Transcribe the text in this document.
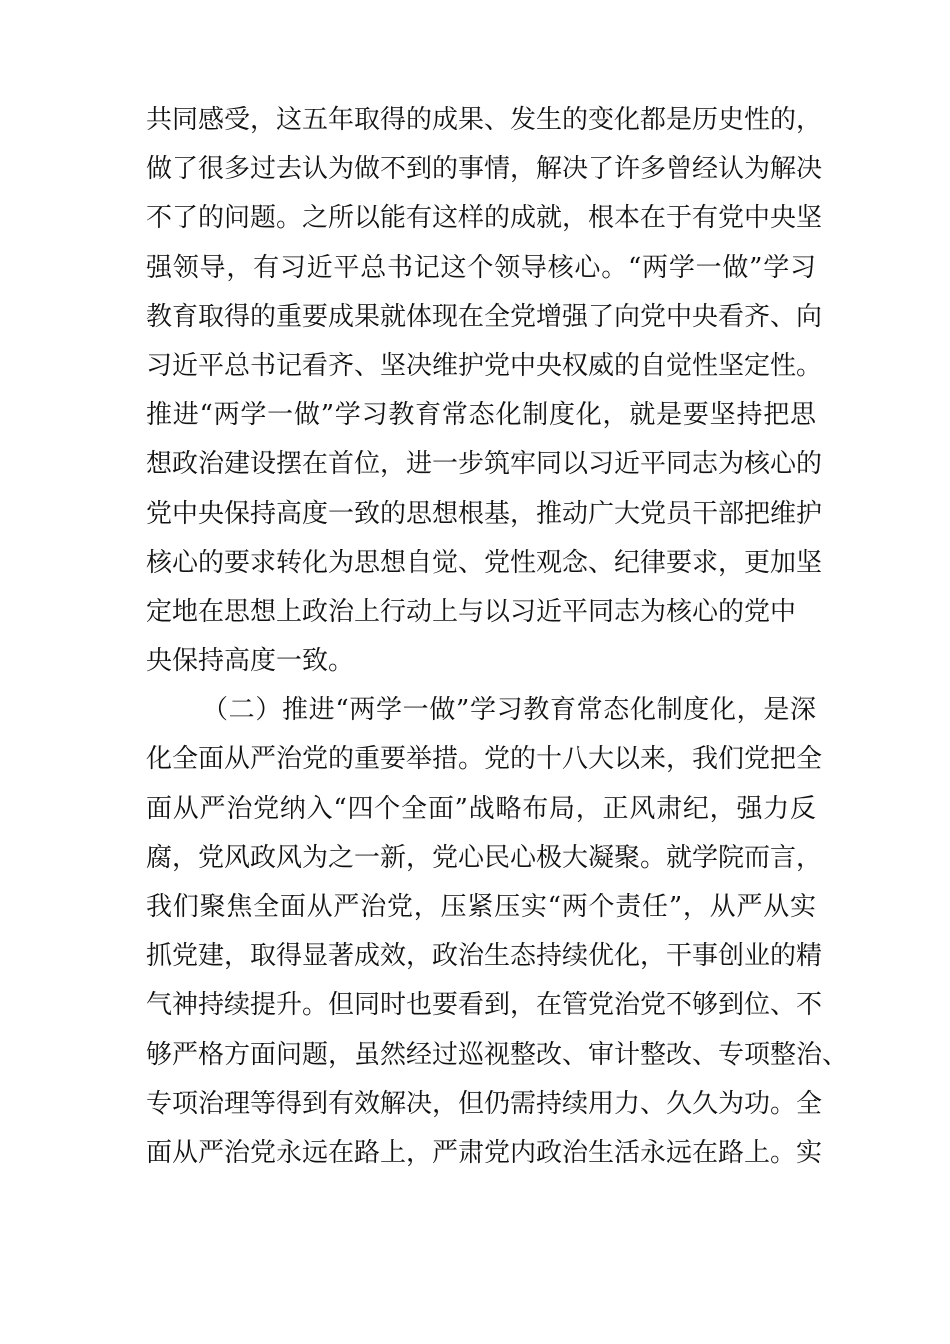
共同感受，这五年取得的成果、发生的变化都是历史性的，
做了很多过去认为做不到的事情，解决了许多曾经认为解决
不了的问题。之所以能有这样的成就，根本在于有党中央坚
强领导，有习近平总书记这个领导核心。“两学一做”学习
教育取得的重要成果就体现在全党增强了向党中央看齐、向
习近平总书记看齐、坚决维护党中央权威的自觉性坚定性。
推进“两学一做”学习教育常态化制度化，就是要坚持把思
想政治建设摆在首位，进一步筑牢同以习近平同志为核心的
党中央保持高度一致的思想根基，推动广大党员干部把维护
核心的要求转化为思想自觉、党性观念、纪律要求，更加坚
定地在思想上政治上行动上与以习近平同志为核心的党中
央保持高度一致。
（二）推进“两学一做”学习教育常态化制度化，是深
化全面从严治党的重要举措。党的十八大以来，我们党把全
面从严治党纳入“四个全面”战略布局，正风肃纪，强力反
腐，党风政风为之一新，党心民心极大凝聚。就学院而言，
我们聚焦全面从严治党，压紧压实“两个责任”，从严从实
抓党建，取得显著成效，政治生态持续优化，干事创业的精
气神持续提升。但同时也要看到，在管党治党不够到位、不
够严格方面问题，虽然经过巡视整改、审计整改、专项整治、
专项治理等得到有效解决，但仍需持续用力、久久为功。全
面从严治党永远在路上，严肃党内政治生活永远在路上。实
